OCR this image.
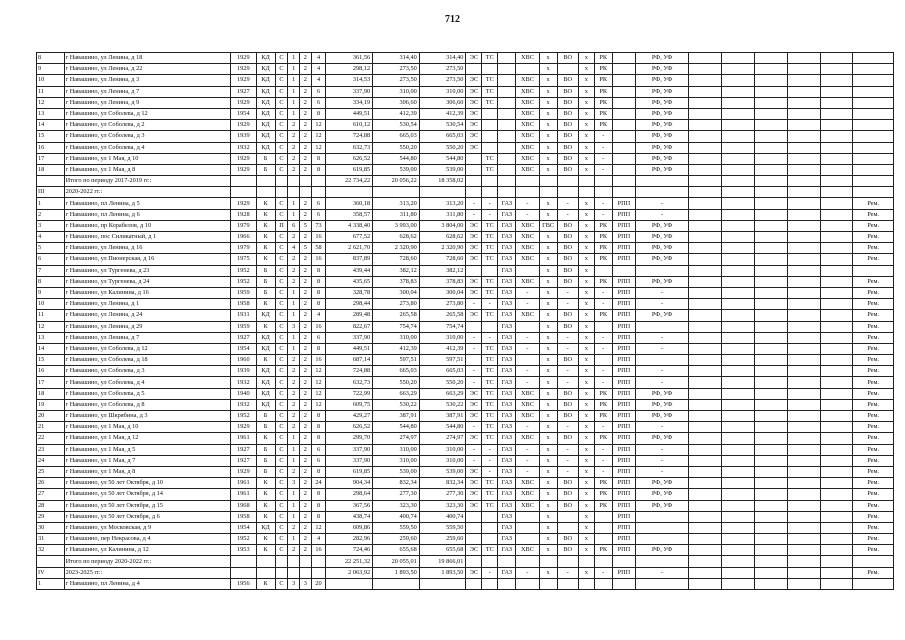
712
8	г Навашино, ул Ленина, д 18	1929	КД	С	1	2	4	361,56	314,40	314,40	ЭС	ТС		ХВС	х	ВО	х	РК		РФ, УФ						
9	г Навашино, ул Ленина, д 22	1929	КД	С	1	2	4	298,12	273,50	273,50					х		х	РК		РФ, УФ						
10	г Навашино, ул Ленина, д 3	1929	КД	С	1	2	4	314,53	273,50	273,50	ЭС	ТС		ХВС	х	ВО	х	РК		РФ, УФ						
11	г Навашино, ул Ленина, д 7	1927	КД	С	1	2	6	337,90	310,00	310,00	ЭС	ТС		ХВС	х	ВО	х	РК		РФ, УФ						
12	г Навашино, ул Ленина, д 9	1929	КД	С	1	2	6	334,19	306,60	306,60	ЭС	ТС		ХВС	х	ВО	х	РК		РФ, УФ						
13	г Навашино, ул Соболева, д 12	1954	КД	С	1	2	8	449,51	412,39	412,39	ЭС			ХВС	х	ВО	х	РК		РФ, УФ						
14	г Навашино, ул Соболева, д 2	1929	КД	С	2	2	12	610,12	530,54	530,54	ЭС			ХВС	х	ВО	х	РК		РФ, УФ						
15	г Навашино, ул Соболева, д 3	1939	КД	С	2	2	12	724,88	665,03	665,03	ЭС			ХВС	х	ВО	х	-		РФ, УФ						
16	г Навашино, ул Соболева, д 4	1932	КД	С	2	2	12	632,73	550,20	550,20	ЭС			ХВС	х	ВО	х	-		РФ, УФ						
17	г Навашино, ул 1 Мая, д 10	1929	Б	С	2	2	8	626,52	544,80	544,80		ТС		ХВС	х	ВО	х	-		РФ, УФ						
18	г Навашино, ул 1 Мая, д 8	1929	Б	С	2	2	8	619,85	539,00	539,00		ТС		ХВС	х	ВО	х	-		РФ, УФ						
	Итого по периоду 2017-2019 гг.:							22 734,22	20 056,22	18 358,02																
III	2020-2022 гг.:																									
1	г Навашино, пл Ленина, д 5	1929	К	С	1	2	6	360,18	313,20	313,20	-	-	ГАЗ	-	х	-	х	-	РПП	-						Рем.
2	г Навашино, пл Ленина, д 6	1928	К	С	1	2	6	358,57	311,80	311,80	-	-	ГАЗ	-	х	-	х	-	РПП	-						Рем.
3	г Навашино, пр Корабелов, д 10	1979	К	П	6	5	73	4 338,40	3 993,00	3 804,00	ЭС	ТС	ГАЗ	ХВС	ГВС	ВО	х	РК	РПП	РФ, УФ						Рем.
4	г Навашино, пос Силикатный, д 1	1966	К	С	2	2	16	677,52	628,62	628,62	ЭС	ТС	ГАЗ	ХВС	х	ВО	х	РК	РПП	РФ, УФ						Рем.
5	г Навашино, ул Ленина, д 16	1979	К	С	4	5	58	2 621,70	2 320,90	2 320,90	ЭС	ТС	ГАЗ	ХВС	х	ВО	х	РК	РПП	РФ, УФ						Рем.
6	г Навашино, ул Пионерская, д 16	1975	К	С	2	2	16	837,89	728,60	728,60	ЭС	ТС	ГАЗ	ХВС	х	ВО	х	РК	РПП	РФ, УФ						Рем.
7	г Навашино, ул Тургенева, д 23	1952	Б	С	2	2	8	439,44	382,12	382,12			ГАЗ		х	ВО	х									
8	г Навашино, ул Тургенева, д 24	1952	Б	С	2	2	8	435,65	378,83	378,83	ЭС	ТС	ГАЗ	ХВС	х	ВО	х	РК	РПП	РФ, УФ						Рем.
9	г Навашино, ул Калинина, д 16	1959	Б	С	1	2	8	328,78	300,04	300,04	ЭС	ТС	ГАЗ	-	х	-	х	-	РПП	-						Рем.
10	г Навашино, ул Ленина, д 1	1958	К	С	1	2	8	298,44	273,80	273,80	-	-	ГАЗ	-	х	-	х	-	РПП	-						Рем.
11	г Навашино, ул Ленина, д 24	1931	КД	С	1	2	4	289,48	265,58	265,58	ЭС	ТС	ГАЗ	ХВС	х	ВО	х	РК	РПП	РФ, УФ						Рем.
12	г Навашино, ул Ленина, д 29	1959	К	С	3	2	16	822,67	754,74	754,74			ГАЗ		х	ВО	х		РПП							Рем.
13	г Навашино, ул Ленина, д 7	1927	КД	С	1	2	6	337,90	310,00	310,00	-	-	ГАЗ	-	х	-	х	-	РПП	-						Рем.
14	г Навашино, ул Соболева, д 12	1954	КД	С	1	2	8	449,51	412,39	412,39	-	ТС	ГАЗ	-	х	-	х	-	РПП	-						Рем.
15	г Навашино, ул Соболева, д 18	1960	К	С	2	2	16	687,14	597,51	597,51		ТС	ГАЗ		х	ВО	х		РПП							Рем.
16	г Навашино, ул Соболева, д 3	1939	КД	С	2	2	12	724,88	665,03	665,03	-	ТС	ГАЗ	-	х	-	х	-	РПП	-						Рем.
17	г Навашино, ул Соболева, д 4	1932	КД	С	2	2	12	632,73	550,20	550,20	-	ТС	ГАЗ	-	х	-	х	-	РПП	-						Рем.
18	г Навашино, ул Соболева, д 5	1940	КД	С	2	2	12	722,99	663,29	663,29	ЭС	ТС	ГАЗ	ХВС	х	ВО	х	РК	РПП	РФ, УФ						Рем.
19	г Навашино, ул Соболева, д 8	1932	КД	С	2	2	12	609,75	530,22	530,22	ЭС	ТС	ГАЗ	ХВС	х	ВО	х	РК	РПП	РФ, УФ						Рем.
20	г Навашино, ул Шкрябина, д 3	1952	Б	С	2	2	8	429,27	387,91	387,91	ЭС	ТС	ГАЗ	ХВС	х	ВО	х	РК	РПП	РФ, УФ						Рем.
21	г Навашино, ул 1 Мая, д 10	1929	Б	С	2	2	8	626,52	544,80	544,80	-	ТС	ГАЗ	-	х	-	х	-	РПП	-						Рем.
22	г Навашино, ул 1 Мая, д 12	1961	К	С	1	2	8	299,70	274,97	274,97	ЭС	ТС	ГАЗ	ХВС	х	ВО	х	РК	РПП	РФ, УФ						Рем.
23	г Навашино, ул 1 Мая, д 5	1927	Б	С	1	2	6	337,90	310,00	310,00	-	-	ГАЗ	-	х	-	х	-	РПП	-						Рем.
24	г Навашино, ул 1 Мая, д 7	1927	Б	С	1	2	6	337,90	310,00	310,00	-	-	ГАЗ	-	х	-	х	-	РПП	-						Рем.
25	г Навашино, ул 1 Мая, д 8	1929	Б	С	2	2	8	619,85	539,00	539,00	ЭС	-	ГАЗ	-	х	-	х	-	РПП	-						Рем.
26	г Навашино, ул 50 лет Октября, д 10	1961	К	С	3	2	24	904,34	832,34	832,34	ЭС	ТС	ГАЗ	ХВС	х	ВО	х	РК	РПП	РФ, УФ						Рем.
27	г Навашино, ул 50 лет Октября, д 14	1961	К	С	1	2	8	298,64	277,30	277,30	ЭС	ТС	ГАЗ	ХВС	х	ВО	х	РК	РПП	РФ, УФ						Рем.
28	г Навашино, ул 50 лет Октября, д 15	1968	К	С	1	2	8	367,56	323,30	323,30	ЭС	ТС	ГАЗ	ХВС	х	ВО	х	РК	РПП	РФ, УФ						Рем.
29	г Навашино, ул 50 лет Октября, д 6	1958	К	С	1	2	8	438,74	400,74	400,74			ГАЗ		х		х		РПП							Рем.
30	г Навашино, ул Московская, д 9	1954	КД	С	2	2	12	609,86	559,50	559,50			ГАЗ		х		х		РПП							Рем.
31	г Навашино, пер Некрасова, д 4	1952	К	С	1	2	4	282,96	259,60	259,60			ГАЗ		х	ВО	х		РПП							Рем.
32	г Навашино, ул Калинина, д 12	1953	К	С	2	2	16	724,46	655,68	655,68	ЭС	ТС	ГАЗ	ХВС	х	ВО	х	РК	РПП	РФ, УФ						Рем.
	Итого по периоду 2020-2022 гг.:							22 251,32	20 055,01	19 866,01																
IV	2023-2025 гг.:							2 063,92	1 893,50	1 893,50	ЭС	-	ГАЗ	-	х	-	х	-	РПП	-						Рем.
1	г Навашино, пл Ленина, д 4	1956	К	С	3	3	20																			
